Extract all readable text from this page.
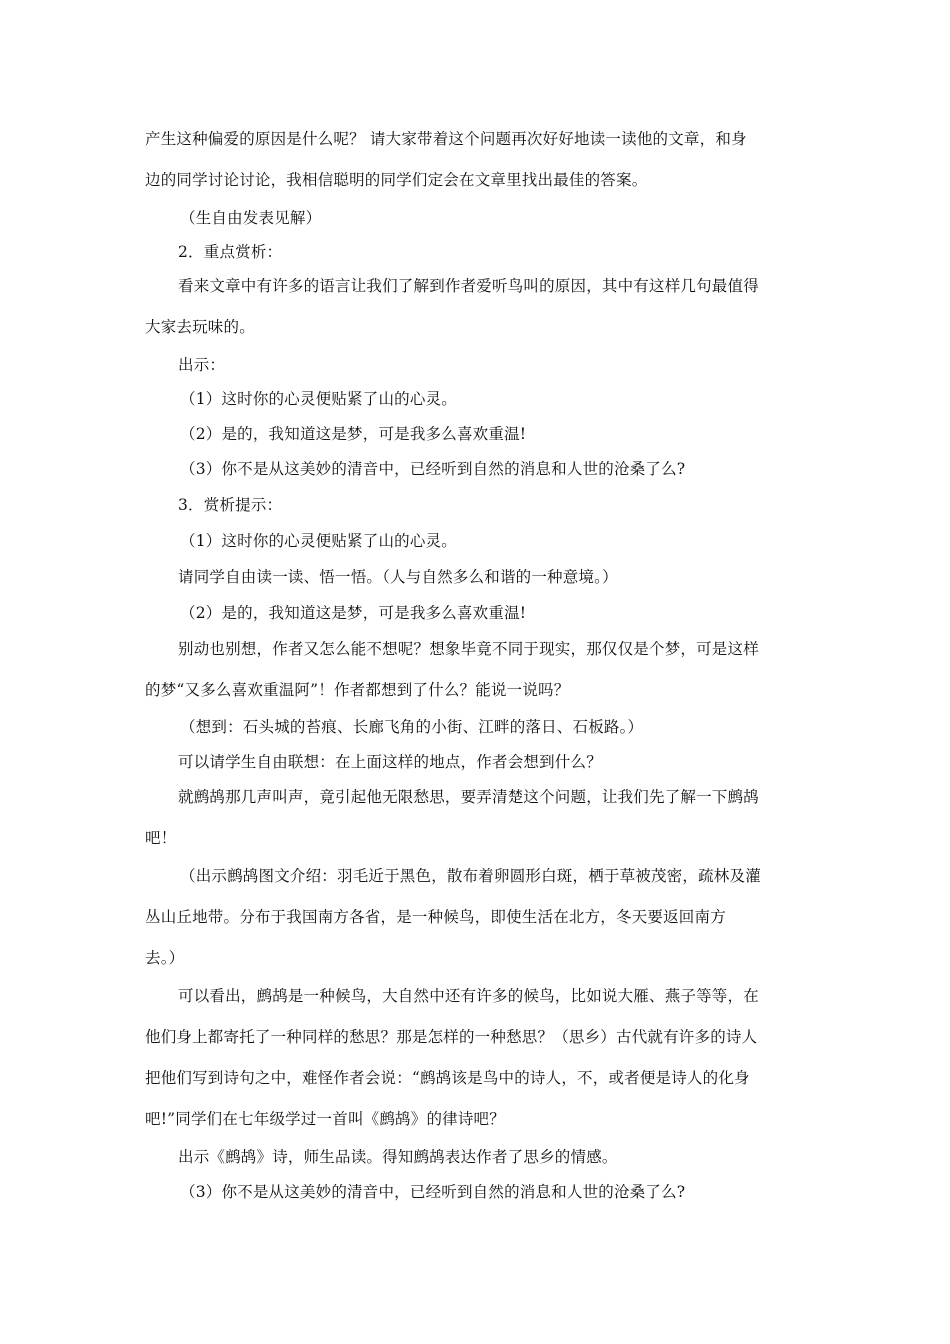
产生这种偏爱的原因是什么呢？ 请大家带着这个问题再次好好地读一读他的文章，和身
边的同学讨论讨论，我相信聪明的同学们定会在文章里找出最佳的答案。
（生自由发表见解）
2．重点赏析：
看来文章中有许多的语言让我们了解到作者爱听鸟叫的原因，其中有这样几句最值得
大家去玩味的。
出示：
（1）这时你的心灵便贴紧了山的心灵。
（2）是的，我知道这是梦，可是我多么喜欢重温!
（3）你不是从这美妙的清音中，已经听到自然的消息和人世的沧桑了么?
3．赏析提示：
（1）这时你的心灵便贴紧了山的心灵。
请同学自由读一读、悟一悟。（人与自然多么和谐的一种意境。）
（2）是的，我知道这是梦，可是我多么喜欢重温!
别动也别想，作者又怎么能不想呢？想象毕竟不同于现实，那仅仅是个梦，可是这样
的梦“又多么喜欢重温阿”！作者都想到了什么？能说一说吗？
（想到：石头城的苔痕、长廊飞角的小街、江畔的落日、石板路。）
可以请学生自由联想：在上面这样的地点，作者会想到什么？
就鹧鸪那几声叫声，竟引起他无限愁思，要弄清楚这个问题，让我们先了解一下鹧鸪
吧！
（出示鹧鸪图文介绍：羽毛近于黑色，散布着卵圆形白斑，栖于草被茂密，疏林及灌
丛山丘地带。分布于我国南方各省，是一种候鸟，即使生活在北方，冬天要返回南方
去。）
可以看出，鹧鸪是一种候鸟，大自然中还有许多的候鸟，比如说大雁、燕子等等，在
他们身上都寄托了一种同样的愁思？那是怎样的一种愁思？（思乡）古代就有许多的诗人
把他们写到诗句之中，难怪作者会说：“鹧鸪该是鸟中的诗人，不，或者便是诗人的化身
吧!”同学们在七年级学过一首叫《鹧鸪》的律诗吧？
出示《鹧鸪》诗，师生品读。得知鹧鸪表达作者了思乡的情感。
（3）你不是从这美妙的清音中，已经听到自然的消息和人世的沧桑了么?
